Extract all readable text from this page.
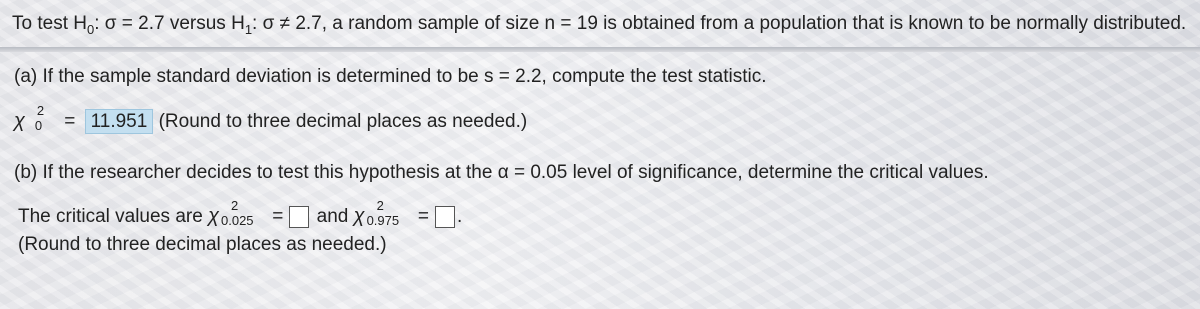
To test $H_0$: σ = 2.7 versus $H_1$: σ ≠ 2.7, a random sample of size n = 19 is obtained from a population that is known to be normally distributed.
(a) If the sample standard deviation is determined to be s = 2.2, compute the test statistic.
χ 2
0 = 11.951 (Round to three decimal places as needed.)
(b) If the researcher decides to test this hypothesis at the α = 0.05 level of significance, determine the critical values.
The critical values are χ 2
0.025 = and χ 2
0.975 = .
(Round to three decimal places as needed.)
